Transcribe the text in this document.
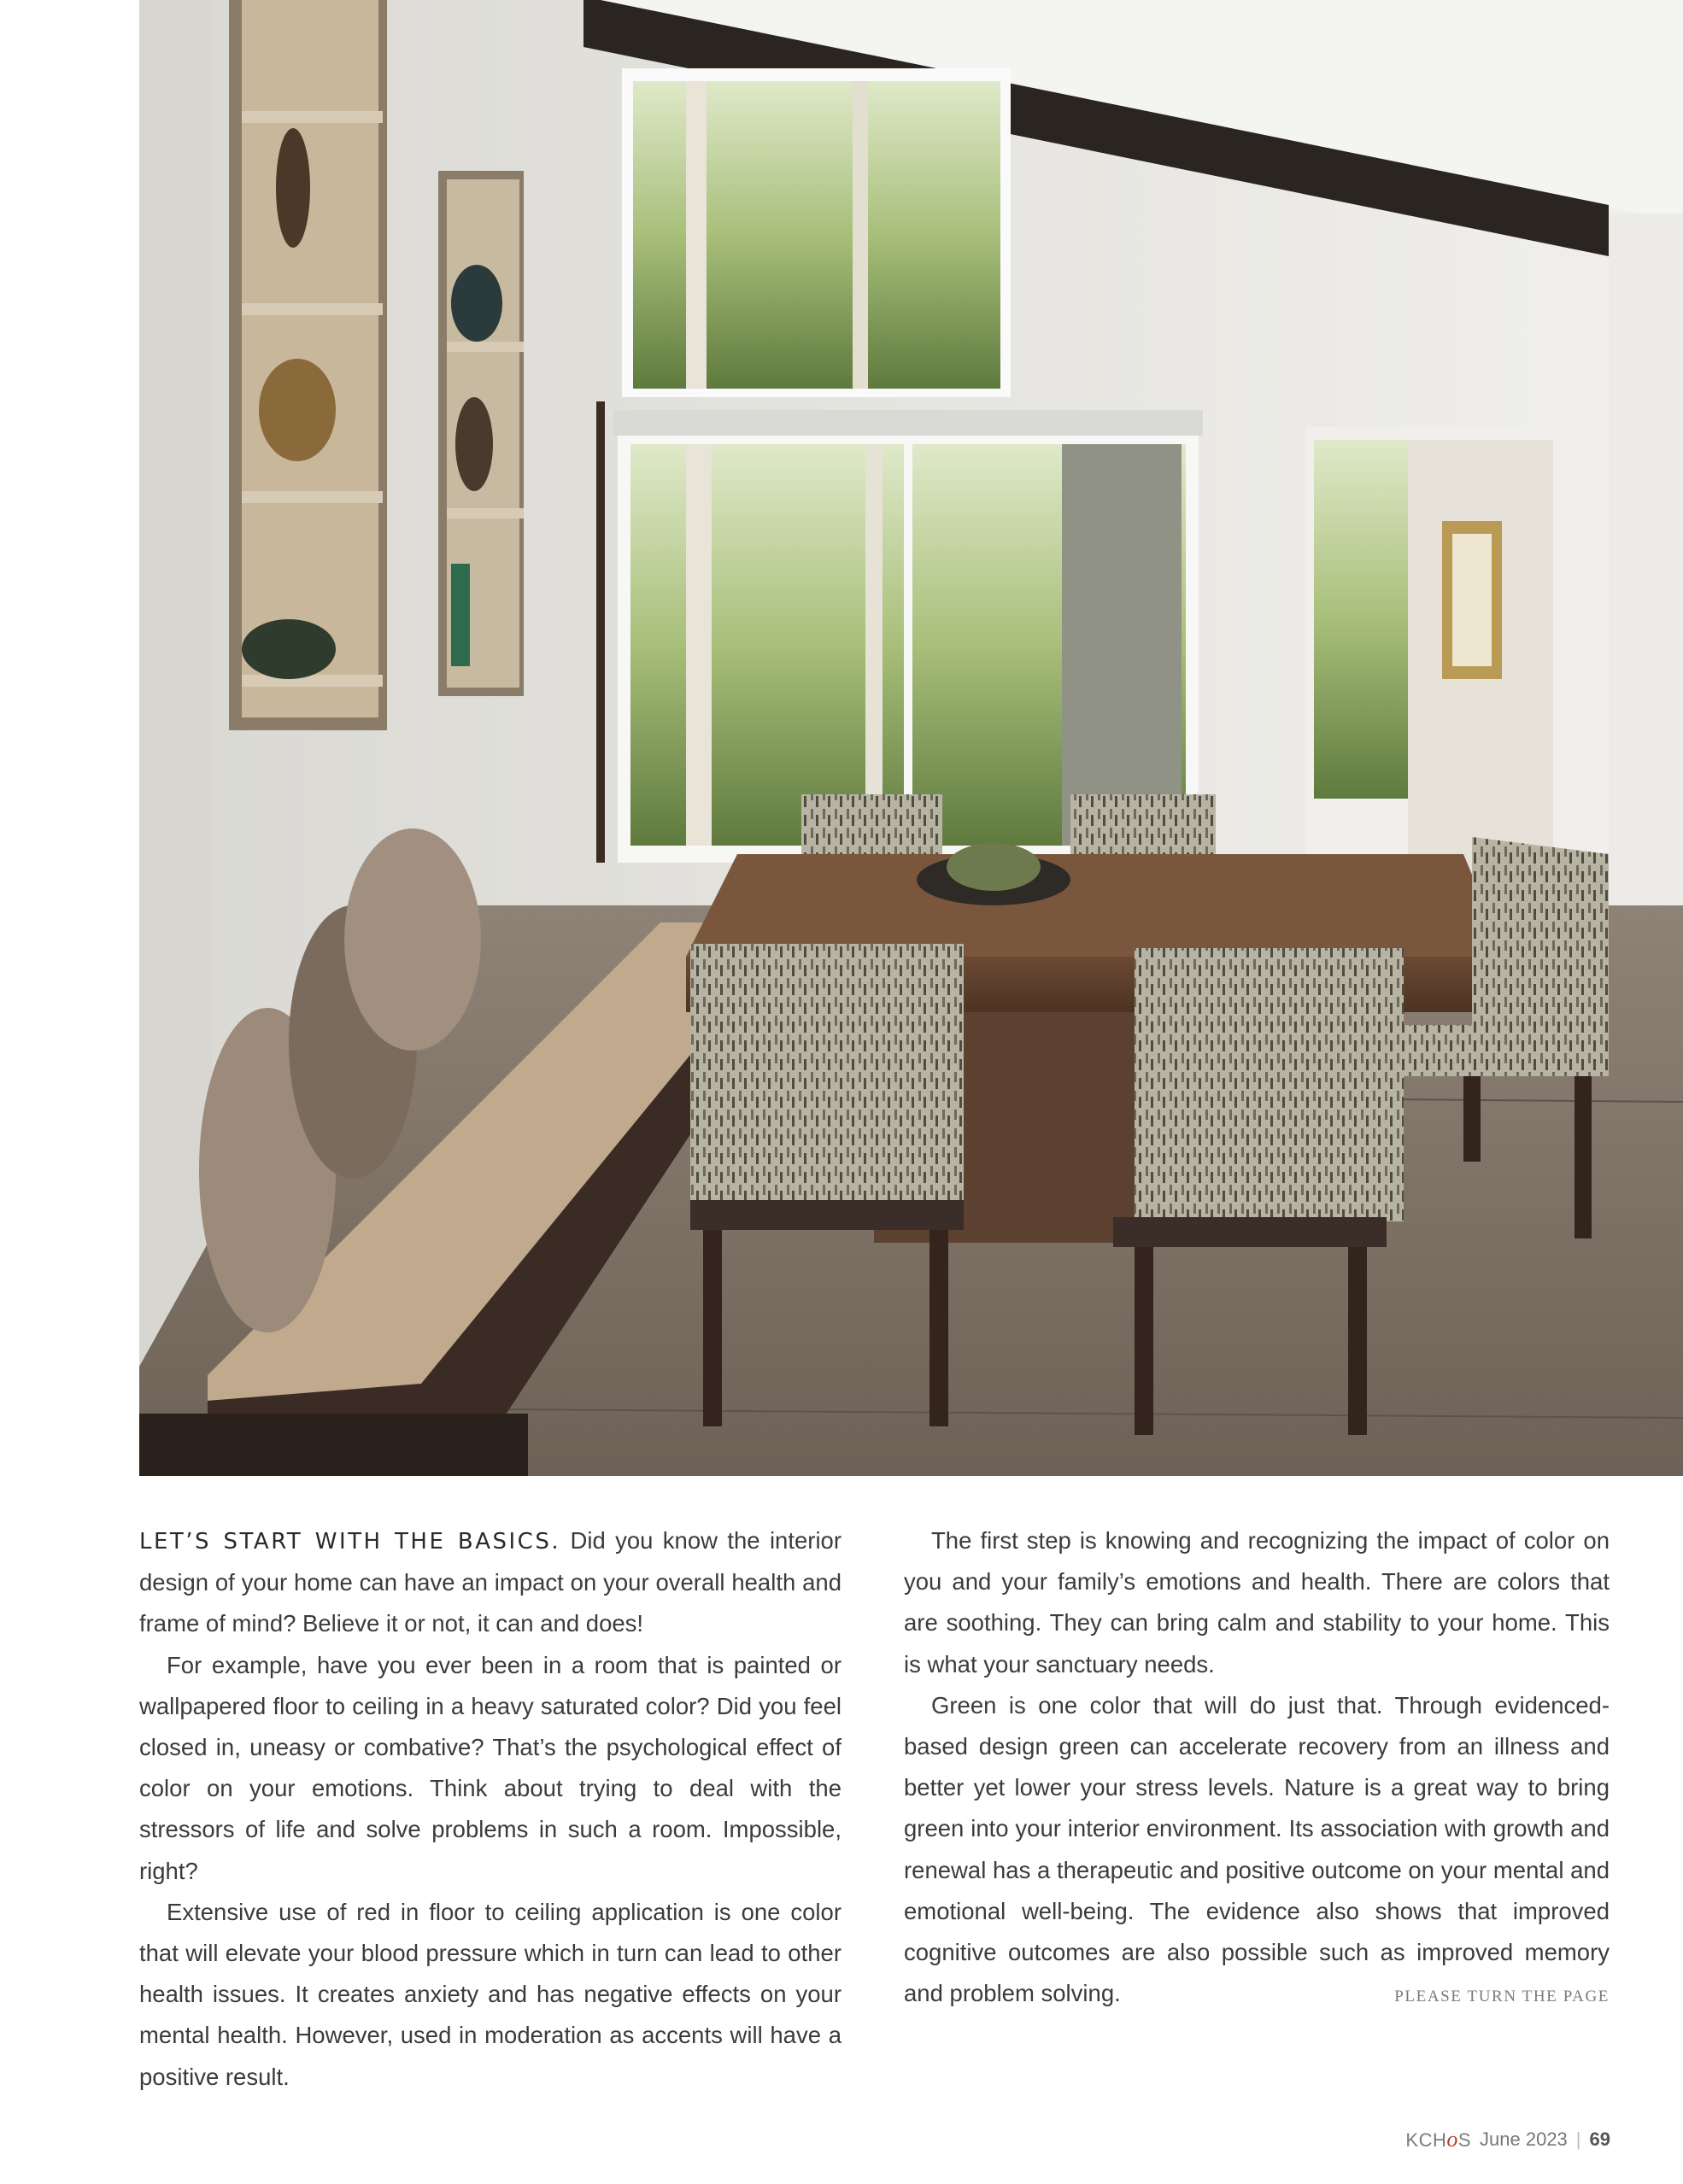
LET’S START WITH THE BASICS. Did you know the interior design of your home can have an impact on your overall health and frame of mind? Believe it or not, it can and does!

For example, have you ever been in a room that is painted or wallpapered floor to ceiling in a heavy saturated color? Did you feel closed in, uneasy or combative? That’s the psychological effect of color on your emotions. Think about trying to deal with the stressors of life and solve problems in such a room. Impossible, right?

Extensive use of red in floor to ceiling application is one color that will elevate your blood pressure which in turn can lead to other health issues. It creates anxiety and has negative effects on your mental health. However, used in moderation as accents will have a positive result.

The first step is knowing and recognizing the impact of color on you and your family’s emotions and health. There are colors that are soothing. They can bring calm and stability to your home. This is what your sanctuary needs.

Green is one color that will do just that. Through evidenced-based design green can accelerate recovery from an illness and better yet lower your stress levels. Nature is a great way to bring green into your interior environment. Its association with growth and renewal has a therapeutic and positive outcome on your mental and emotional well-being. The evidence also shows that improved cognitive outcomes are also possible such as improved memory and problem solving.	PLEASE TURN THE PAGE

KCHoS June 2023 | 69
